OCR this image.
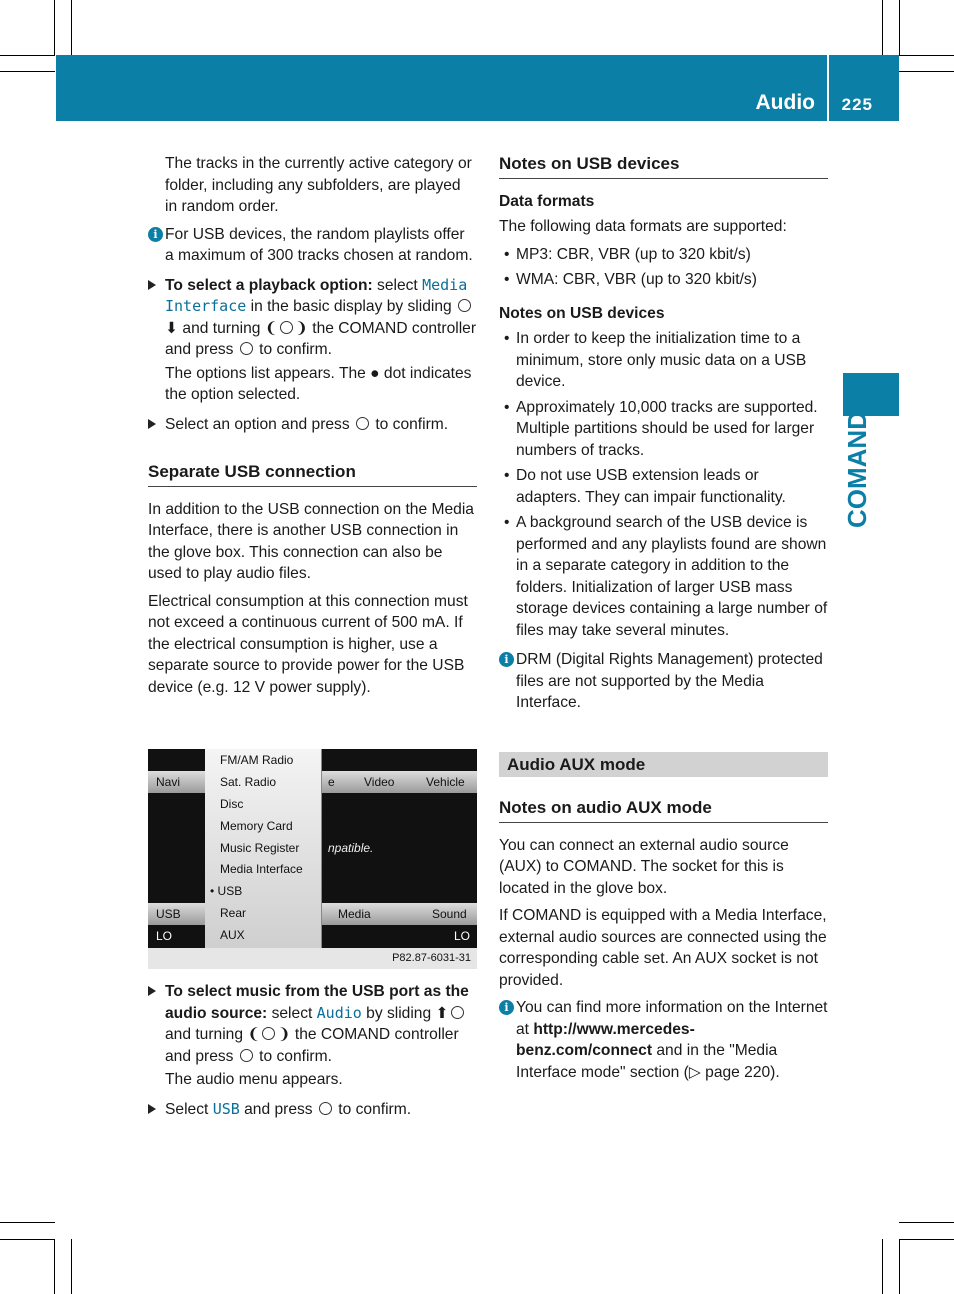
Audio 225
COMAND

The tracks in the currently active category or folder, including any subfolders, are played in random order.

i For USB devices, the random playlists offer a maximum of 300 tracks chosen at random.
To select a playback option: select Media Interface in the basic display by sliding ⬇ and turning ❨ ❩ the COMAND controller and press  to confirm.
The options list appears. The ● dot indicates the option selected.
Select an option and press  to confirm.
Separate USB connection

In addition to the USB connection on the Media Interface, there is another USB connection in the glove box. This connection can also be used to play audio files.

Electrical consumption at this connection must not exceed a continuous current of 500 mA. If the electrical consumption is higher, use a separate source to provide power for the USB device (e.g. 12 V power supply).

Navi	e Video	Vehicle
npatible.
USB	Media	Sound
LO	LO
FM/AM Radio
Sat. Radio
Disc
Memory Card
Music Register
Media Interface
• USB
Rear
AUX
P82.87-6031-31
To select music from the USB port as the audio source: select Audio by sliding ⬆ and turning ❨ ❩ the COMAND controller and press  to confirm.
The audio menu appears.
Select USB and press  to confirm.
Notes on USB devices
Data formats

The following data formats are supported:

• MP3: CBR, VBR (up to 320 kbit/s)
• WMA: CBR, VBR (up to 320 kbit/s)
Notes on USB devices
• In order to keep the initialization time to a minimum, store only music data on a USB device.
• Approximately 10,000 tracks are supported. Multiple partitions should be used for larger numbers of tracks.
• Do not use USB extension leads or adapters. They can impair functionality.
• A background search of the USB device is performed and any playlists found are shown in a separate category in addition to the folders. Initialization of larger USB mass storage devices containing a large number of files may take several minutes.
i DRM (Digital Rights Management) protected files are not supported by the Media Interface.
Audio AUX mode
Notes on audio AUX mode

You can connect an external audio source (AUX) to COMAND. The socket for this is located in the glove box.

If COMAND is equipped with a Media Interface, external audio sources are connected using the corresponding cable set. An AUX socket is not provided.

i You can find more information on the Internet at http://www.mercedes-benz.com/connect and in the "Media Interface mode" section (▷ page 220).
